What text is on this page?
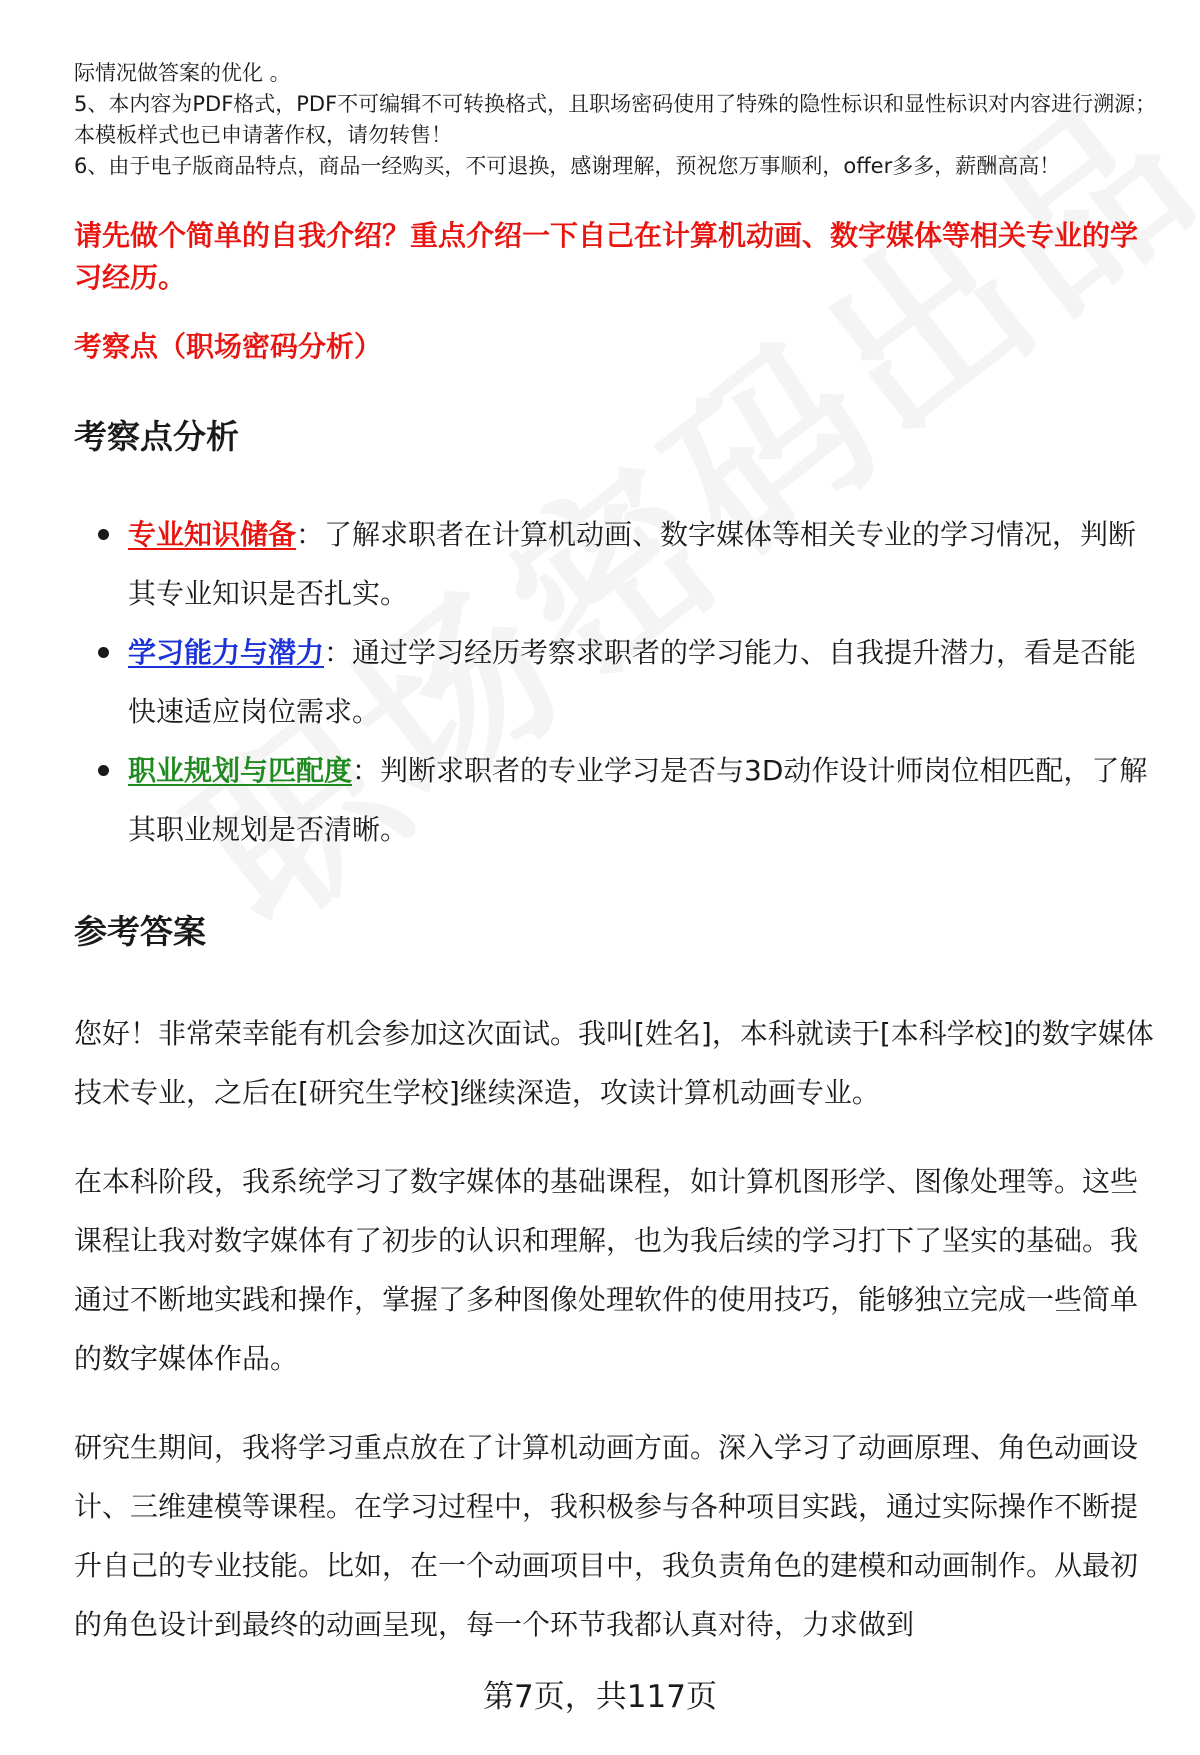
际情况做答案的优化 。

5、本内容为PDF格式，PDF不可编辑不可转换格式，且职场密码使用了特殊的隐性标识和显性标识对内容进行溯源；本模板样式也已申请著作权，请勿转售！

6、由于电子版商品特点，商品一经购买，不可退换，感谢理解，预祝您万事顺利，offer多多，薪酬高高！

请先做个简单的自我介绍？重点介绍一下自己在计算机动画、数字媒体等相关专业的学习经历。

考察点（职场密码分析）

考察点分析
专业知识储备：了解求职者在计算机动画、数字媒体等相关专业的学习情况，判断其专业知识是否扎实。
学习能力与潜力：通过学习经历考察求职者的学习能力、自我提升潜力，看是否能快速适应岗位需求。
职业规划与匹配度：判断求职者的专业学习是否与3D动作设计师岗位相匹配，了解其职业规划是否清晰。
参考答案

您好！非常荣幸能有机会参加这次面试。我叫[姓名]，本科就读于[本科学校]的数字媒体技术专业，之后在[研究生学校]继续深造，攻读计算机动画专业。

在本科阶段，我系统学习了数字媒体的基础课程，如计算机图形学、图像处理等。这些课程让我对数字媒体有了初步的认识和理解，也为我后续的学习打下了坚实的基础。我通过不断地实践和操作，掌握了多种图像处理软件的使用技巧，能够独立完成一些简单的数字媒体作品。

研究生期间，我将学习重点放在了计算机动画方面。深入学习了动画原理、角色动画设计、三维建模等课程。在学习过程中，我积极参与各种项目实践，通过实际操作不断提升自己的专业技能。比如，在一个动画项目中，我负责角色的建模和动画制作。从最初的角色设计到最终的动画呈现，每一个环节我都认真对待，力求做到

第7页，共117页
